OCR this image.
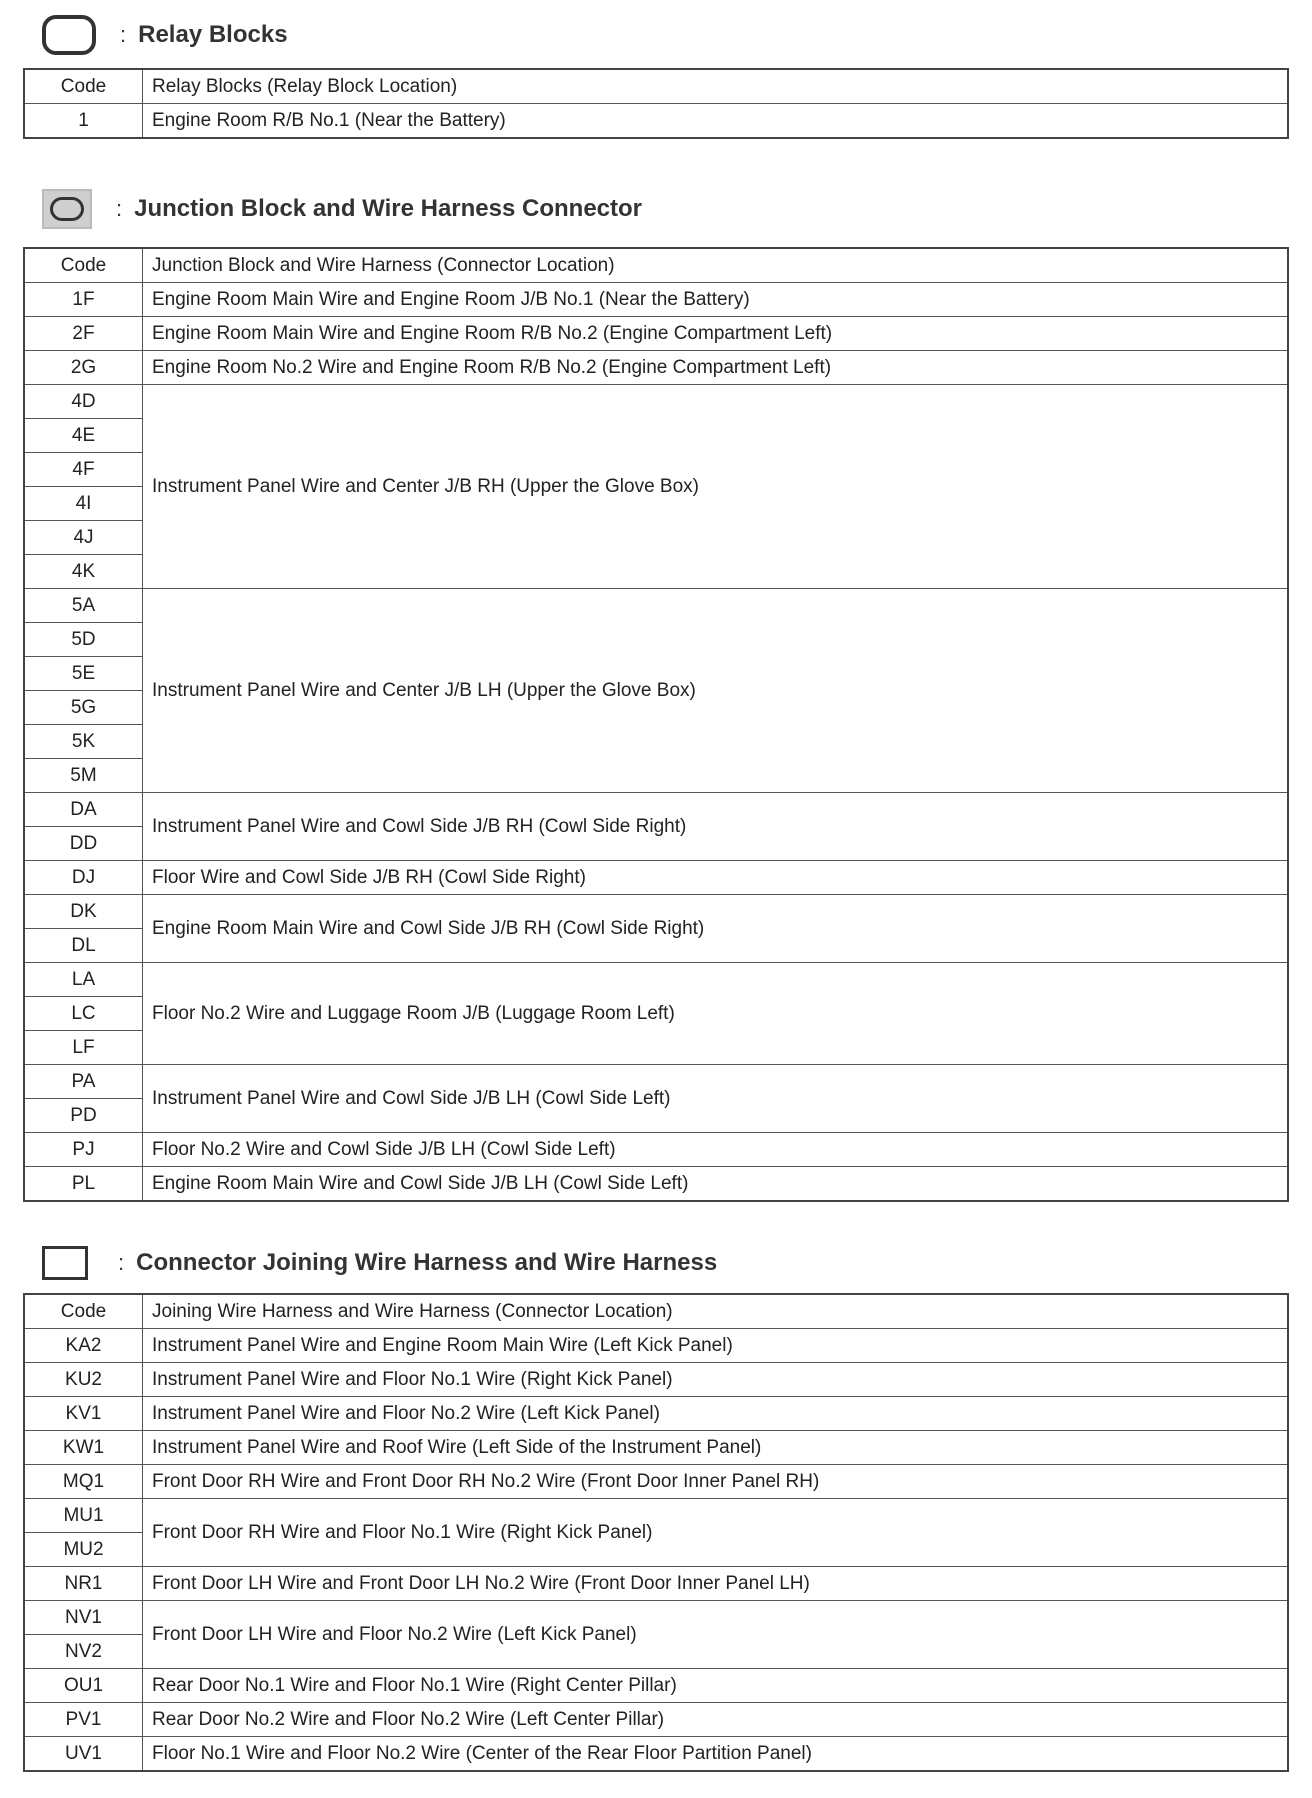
: Relay Blocks
Code	Relay Blocks (Relay Block Location)
1	Engine Room R/B No.1 (Near the Battery)
: Junction Block and Wire Harness Connector
Code	Junction Block and Wire Harness (Connector Location)
1F	Engine Room Main Wire and Engine Room J/B No.1 (Near the Battery)
2F	Engine Room Main Wire and Engine Room R/B No.2 (Engine Compartment Left)
2G	Engine Room No.2 Wire and Engine Room R/B No.2 (Engine Compartment Left)
4D	Instrument Panel Wire and Center J/B RH (Upper the Glove Box)
4E	
4F	
4I	
4J	
4K	
5A	Instrument Panel Wire and Center J/B LH (Upper the Glove Box)
5D	
5E	
5G	
5K	
5M	
DA	Instrument Panel Wire and Cowl Side J/B RH (Cowl Side Right)
DD	
DJ	Floor Wire and Cowl Side J/B RH (Cowl Side Right)
DK	Engine Room Main Wire and Cowl Side J/B RH (Cowl Side Right)
DL	
LA	Floor No.2 Wire and Luggage Room J/B (Luggage Room Left)
LC	
LF	
PA	Instrument Panel Wire and Cowl Side J/B LH (Cowl Side Left)
PD	
PJ	Floor No.2 Wire and Cowl Side J/B LH (Cowl Side Left)
PL	Engine Room Main Wire and Cowl Side J/B LH (Cowl Side Left)
: Connector Joining Wire Harness and Wire Harness
Code	Joining Wire Harness and Wire Harness (Connector Location)
KA2	Instrument Panel Wire and Engine Room Main Wire (Left Kick Panel)
KU2	Instrument Panel Wire and Floor No.1 Wire (Right Kick Panel)
KV1	Instrument Panel Wire and Floor No.2 Wire (Left Kick Panel)
KW1	Instrument Panel Wire and Roof Wire (Left Side of the Instrument Panel)
MQ1	Front Door RH Wire and Front Door RH No.2 Wire (Front Door Inner Panel RH)
MU1	Front Door RH Wire and Floor No.1 Wire (Right Kick Panel)
MU2	
NR1	Front Door LH Wire and Front Door LH No.2 Wire (Front Door Inner Panel LH)
NV1	Front Door LH Wire and Floor No.2 Wire (Left Kick Panel)
NV2	
OU1	Rear Door No.1 Wire and Floor No.1 Wire (Right Center Pillar)
PV1	Rear Door No.2 Wire and Floor No.2 Wire (Left Center Pillar)
UV1	Floor No.1 Wire and Floor No.2 Wire (Center of the Rear Floor Partition Panel)
